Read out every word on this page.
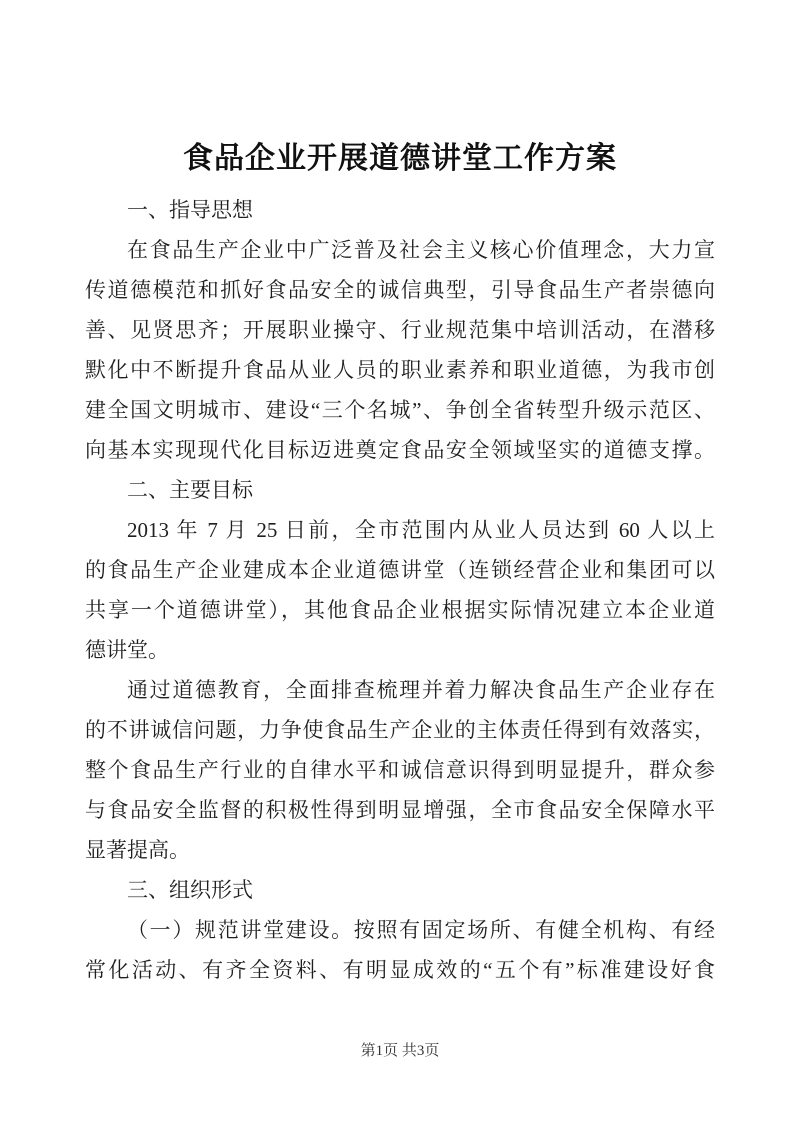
食品企业开展道德讲堂工作方案
一、指导思想
在食品生产企业中广泛普及社会主义核心价值理念，大力宣
传道德模范和抓好食品安全的诚信典型，引导食品生产者崇德向
善、见贤思齐；开展职业操守、行业规范集中培训活动，在潜移
默化中不断提升食品从业人员的职业素养和职业道德，为我市创
建全国文明城市、建设“三个名城”、争创全省转型升级示范区、
向基本实现现代化目标迈进奠定食品安全领域坚实的道德支撑。
二、主要目标
2013 年 7 月 25 日前，全市范围内从业人员达到 60 人以上
的食品生产企业建成本企业道德讲堂（连锁经营企业和集团可以
共享一个道德讲堂），其他食品企业根据实际情况建立本企业道
德讲堂。
通过道德教育，全面排查梳理并着力解决食品生产企业存在
的不讲诚信问题，力争使食品生产企业的主体责任得到有效落实，
整个食品生产行业的自律水平和诚信意识得到明显提升，群众参
与食品安全监督的积极性得到明显增强，全市食品安全保障水平
显著提高。
三、组织形式
（一）规范讲堂建设。按照有固定场所、有健全机构、有经
常化活动、有齐全资料、有明显成效的“五个有”标准建设好食
第1页 共3页
